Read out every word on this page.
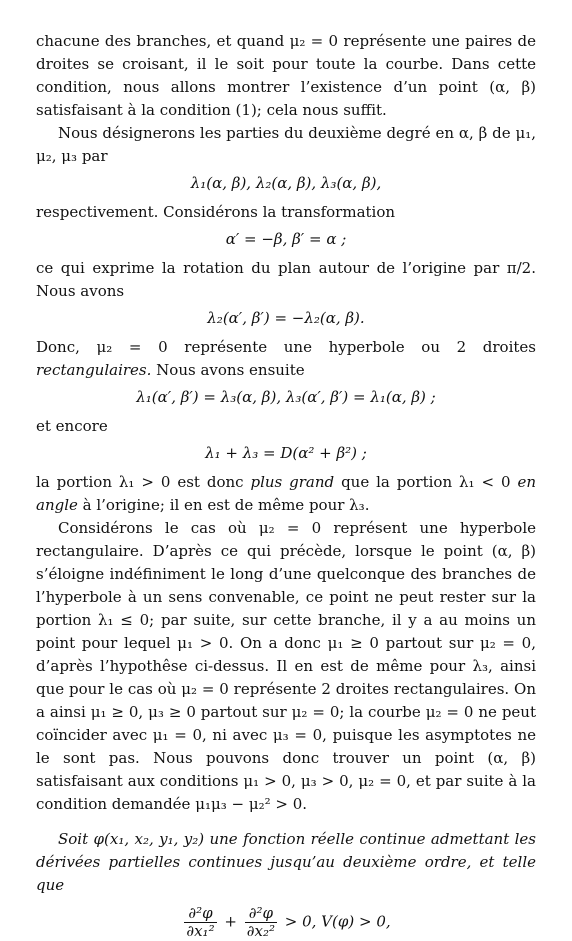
chacune des branches, et quand μ₂ = 0 représente une paires de droites se croisant, il le soit pour toute la courbe. Dans cette condition, nous allons montrer l’existence d’un point (α, β) satisfaisant à la condition (1); cela nous suffit.

Nous désignerons les parties du deuxième degré en α, β de μ₁, μ₂, μ₃ par

λ₁(α, β), λ₂(α, β), λ₃(α, β),

respectivement. Considérons la transformation

α′ = −β, β′ = α ;

ce qui exprime la rotation du plan autour de l’origine par π/2. Nous avons

λ₂(α′, β′) = −λ₂(α, β).

Donc, μ₂ = 0 représente une hyperbole ou 2 droites rectangulaires. Nous avons ensuite

λ₁(α′, β′) = λ₃(α, β), λ₃(α′, β′) = λ₁(α, β) ;

et encore

λ₁ + λ₃ = D(α² + β²) ;

la portion λ₁ > 0 est donc plus grand que la portion λ₁ < 0 en angle à l’origine; il en est de même pour λ₃.

Considérons le cas où μ₂ = 0 représent une hyperbole rectangulaire. D’après ce qui précède, lorsque le point (α, β) s’éloigne indéfiniment le long d’une quelconque des branches de l’hyperbole à un sens convenable, ce point ne peut rester sur la portion λ₁ ≤ 0; par suite, sur cette branche, il y a au moins un point pour lequel μ₁ > 0. On a donc μ₁ ≥ 0 partout sur μ₂ = 0, d’après l’hypothêse ci-dessus. Il en est de même pour λ₃, ainsi que pour le cas où μ₂ = 0 représente 2 droites rectangulaires. On a ainsi μ₁ ≥ 0, μ₃ ≥ 0 partout sur μ₂ = 0; la courbe μ₂ = 0 ne peut coïncider avec μ₁ = 0, ni avec μ₃ = 0, puisque les asymptotes ne le sont pas. Nous pouvons donc trouver un point (α, β) satisfaisant aux conditions μ₁ > 0, μ₃ > 0, μ₂ = 0, et par suite à la condition demandée μ₁μ₃ − μ₂² > 0.

Soit φ(x₁, x₂, y₁, y₂) une fonction réelle continue admettant les dérivées partielles continues jusqu’au deuxième ordre, et telle que

$\frac{\text{∂²φ}}{\text{∂x₁²}} + \frac{\text{∂²φ}}{\text{∂x₂²}} > 0$, V(φ) > 0,
